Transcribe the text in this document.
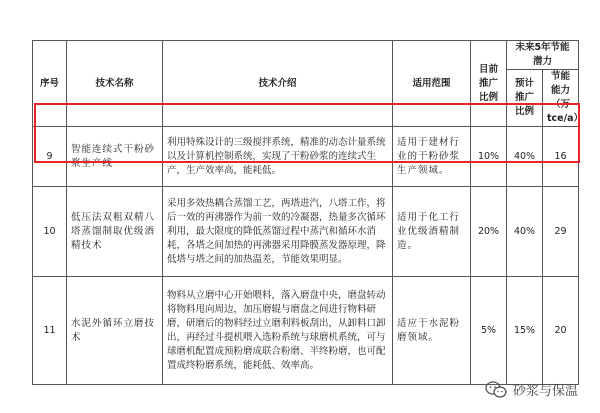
序号	技术名称	技术介绍	适用范围	目前推广比例	未来5年节能潜力	
					预计推广比例	节能能力（万tce/a）
9	智能连续式干粉砂浆生产线	利用特殊设计的三级搅拌系统，精准的动态计量系统以及计算机控制系统，实现了干粉砂浆的连续式生产，生产效率高，能耗低。	适用于建材行业的干粉砂浆生产领域。	10%	40%	16
10	低压法双粗双精八塔蒸馏制取优级酒精技术	采用多效热耦合蒸馏工艺，两塔进汽，八塔工作，将后一效的再沸器作为前一效的冷凝器，热量多次循环利用，最大限度的降低蒸馏过程中蒸汽和循环水消耗，各塔之间加热的再沸器采用降膜蒸发器原理，降低塔与塔之间的加热温差，节能效果明显。	适用于化工行业优级酒精制造。	20%	40%	29
11	水泥外循环立磨技术	物料从立磨中心开始喂料，落入磨盘中央，磨盘转动将物料甩向周边，加压磨辊与磨盘之间进行物料研磨，研磨后的物料经过立磨利料板刮出，从卸料口卸出，再经过斗提机喂入选粉系统与球磨机系统，可与球磨机配置成预粉磨成联合粉磨、半终粉磨，也可配置成终粉磨系统，能耗低、效率高。	适应于水泥粉磨领域。	5%	15%	20
砂浆与保温
